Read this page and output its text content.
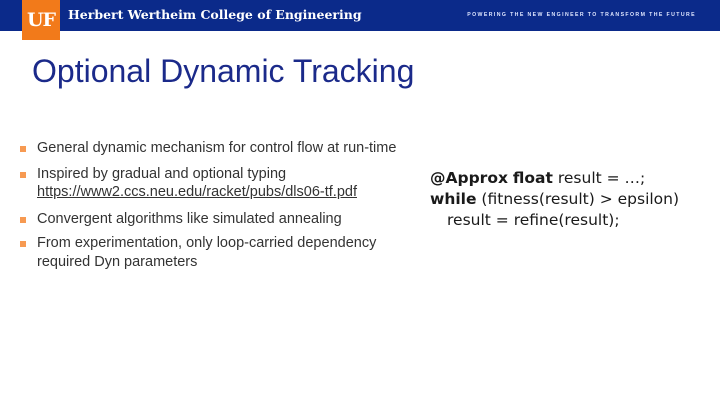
UF Herbert Wertheim College of Engineering	POWERING THE NEW ENGINEER TO TRANSFORM THE FUTURE
Optional Dynamic Tracking
General dynamic mechanism for control flow at run-time
Inspired by gradual and optional typing
https://www2.ccs.neu.edu/racket/pubs/dls06-tf.pdf
Convergent algorithms like simulated annealing
From experimentation, only loop-carried dependency required Dyn parameters
@Approx float result = …;
while (fitness(result) > epsilon)
result = refine(result);
